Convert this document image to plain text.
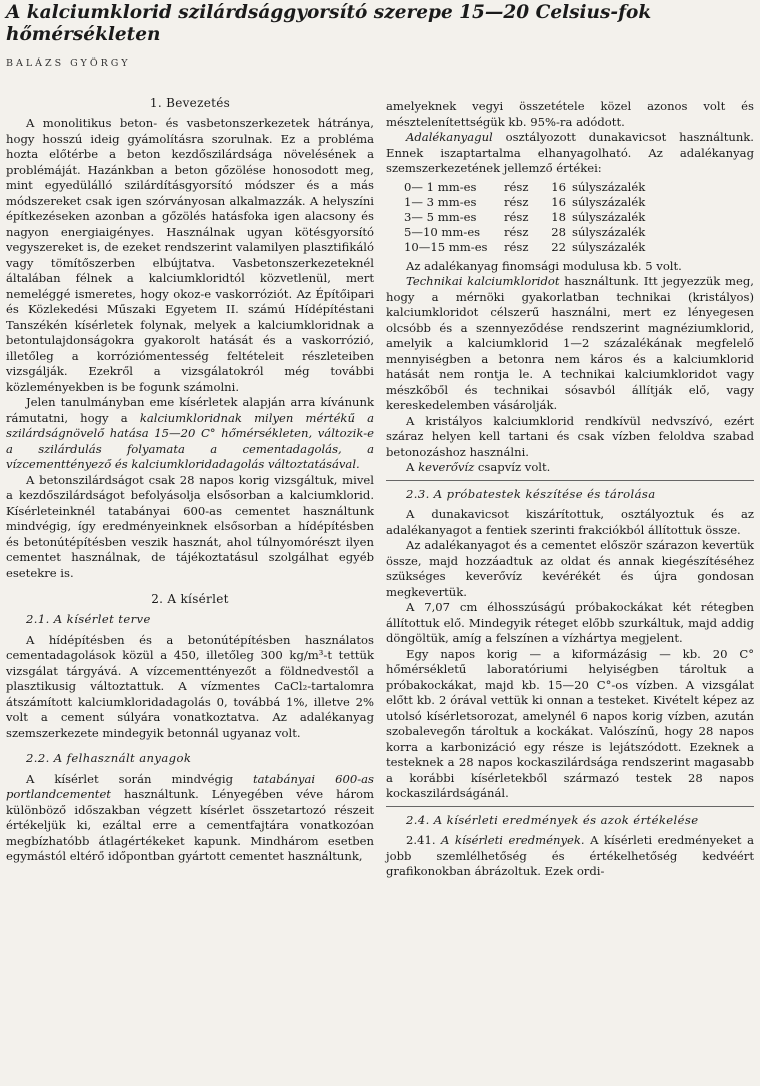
A kalciumklorid szilárdsággyorsító szerepe 15—20 Celsius-fok hőmérsékleten
BALÁZS GYÖRGY
1. Bevezetés

A monolitikus beton- és vasbetonszerkezetek hátránya, hogy hosszú ideig gyámolításra szorulnak. Ez a probléma hozta előtérbe a beton kezdőszilárdsága növelésének a problémáját. Hazánkban a beton gőzölése honosodott meg, mint egyedülálló szilárdításgyorsító módszer és a más módszereket csak igen szórványosan alkalmazzák. A helyszíni építkezéseken azonban a gőzölés hatásfoka igen alacsony és nagyon energiaigényes. Használnak ugyan kötésgyorsító vegyszereket is, de ezeket rendszerint valamilyen plasztifikáló vagy tömítőszerben elbújtatva. Vasbetonszerkezeteknél általában félnek a kalciumkloridtól közvetlenül, mert nemeléggé ismeretes, hogy okoz-e vaskorróziót. Az Építőipari és Közlekedési Műszaki Egyetem II. számú Hídépítéstani Tanszékén kísérletek folynak, melyek a kalciumkloridnak a betontulajdonságokra gyakorolt hatását és a vaskorrózió, illetőleg a korróziómentesség feltételeit részleteiben vizsgálják. Ezekről a vizsgálatokról még további közleményekben is be fogunk számolni.

Jelen tanulmányban eme kísérletek alapján arra kívánunk rámutatni, hogy a kalciumkloridnak milyen mértékű a szilárdságnövelő hatása 15—20 C° hőmérsékleten, változik-e a szilárdulás folyamata a cementadagolás, a vízcementtényező és kalciumkloridadagolás változtatásával.

A betonszilárdságot csak 28 napos korig vizsgáltuk, mivel a kezdőszilárdságot befolyásolja elsősorban a kalciumklorid. Kísérleteinknél tatabányai 600-as cementet használtunk mindvégig, így eredményeinknek elsősorban a hídépítésben és betonútépítésben veszik hasznát, ahol túlnyomórészt ilyen cementet használnak, de tájékoztatásul szolgálhat egyéb esetekre is.

2. A kísérlet
2.1. A kísérlet terve

A hídépítésben és a betonútépítésben használatos cementadagolások közül a 450, illetőleg 300 kg/m³-t tettük vizsgálat tárgyává. A vízcementtényezőt a földnedvestől a plasztikusig változtattuk. A vízmentes CaCl₂-tartalomra átszámított kalciumkloridadagolás 0, továbbá 1%, illetve 2% volt a cement súlyára vonatkoztatva. Az adalékanyag szemszerkezete mindegyik betonnál ugyanaz volt.

2.2. A felhasznált anyagok

A kísérlet során mindvégig tatabányai 600-as portlandcementet használtunk. Lényegében véve három különböző időszakban végzett kísérlet összetartozó részeit értékeljük ki, ezáltal erre a cementfajtára vonatkozóan megbízhatóbb átlagértékeket kapunk. Mindhárom esetben egymástól eltérő időpontban gyártott cementet használtunk,

amelyeknek vegyi összetétele közel azonos volt és mésztelenítettségük kb. 95%-ra adódott.

Adalékanyagul osztályozott dunakavicsot használtunk. Ennek iszaptartalma elhanyagolható. Az adalékanyag szemszerkezetének jellemző értékei:

0— 1 mm-es	rész	16	súlyszázalék
1— 3 mm-es	rész	16	súlyszázalék
3— 5 mm-es	rész	18	súlyszázalék
5—10 mm-es	rész	28	súlyszázalék
10—15 mm-es	rész	22	súlyszázalék

Az adalékanyag finomsági modulusa kb. 5 volt.

Technikai kalciumkloridot használtunk. Itt jegyezzük meg, hogy a mérnöki gyakorlatban technikai (kristályos) kalciumkloridot célszerű használni, mert ez lényegesen olcsóbb és a szennyeződése rendszerint magnéziumklorid, amelyik a kalciumklorid 1—2 százalékának megfelelő mennyiségben a betonra nem káros és a kalciumklorid hatását nem rontja le. A technikai kalciumkloridot vagy mészkőből és technikai sósavból állítják elő, vagy kereskedelemben vásárolják.

A kristályos kalciumklorid rendkívül nedvszívó, ezért száraz helyen kell tartani és csak vízben feloldva szabad betonozáshoz használni.

A keverővíz csapvíz volt.

2.3. A próbatestek készítése és tárolása

A dunakavicsot kiszárítottuk, osztályoztuk és az adalékanyagot a fentiek szerinti frakciókból állítottuk össze.

Az adalékanyagot és a cementet először szárazon kevertük össze, majd hozzáadtuk az oldat és annak kiegészítéséhez szükséges keverővíz kevérékét és újra gondosan megkevertük.

A 7,07 cm élhosszúságú próbakockákat két rétegben állítottuk elő. Mindegyik réteget előbb szurkáltuk, majd addig döngöltük, amíg a felszínen a vízhártya megjelent.

Egy napos korig — a kiformázásig — kb. 20 C° hőmérsékletű laboratóriumi helyiségben tároltuk a próbakockákat, majd kb. 15—20 C°-os vízben. A vizsgálat előtt kb. 2 órával vettük ki onnan a testeket. Kivételt képez az utolsó kísérletsorozat, amelynél 6 napos korig vízben, azután szobalevegőn tároltuk a kockákat. Valószínű, hogy 28 napos korra a karbonizáció egy része is lejátszódott. Ezeknek a testeknek a 28 napos kockaszilárdsága rendszerint magasabb a korábbi kísérletekből származó testek 28 napos kockaszilárdságánál.

2.4. A kísérleti eredmények és azok értékelése

2.41. A kísérleti eredmények. A kísérleti eredményeket a jobb szemlélhetőség és értékelhetőség kedvéért grafikonokban ábrázoltuk. Ezek ordi-
